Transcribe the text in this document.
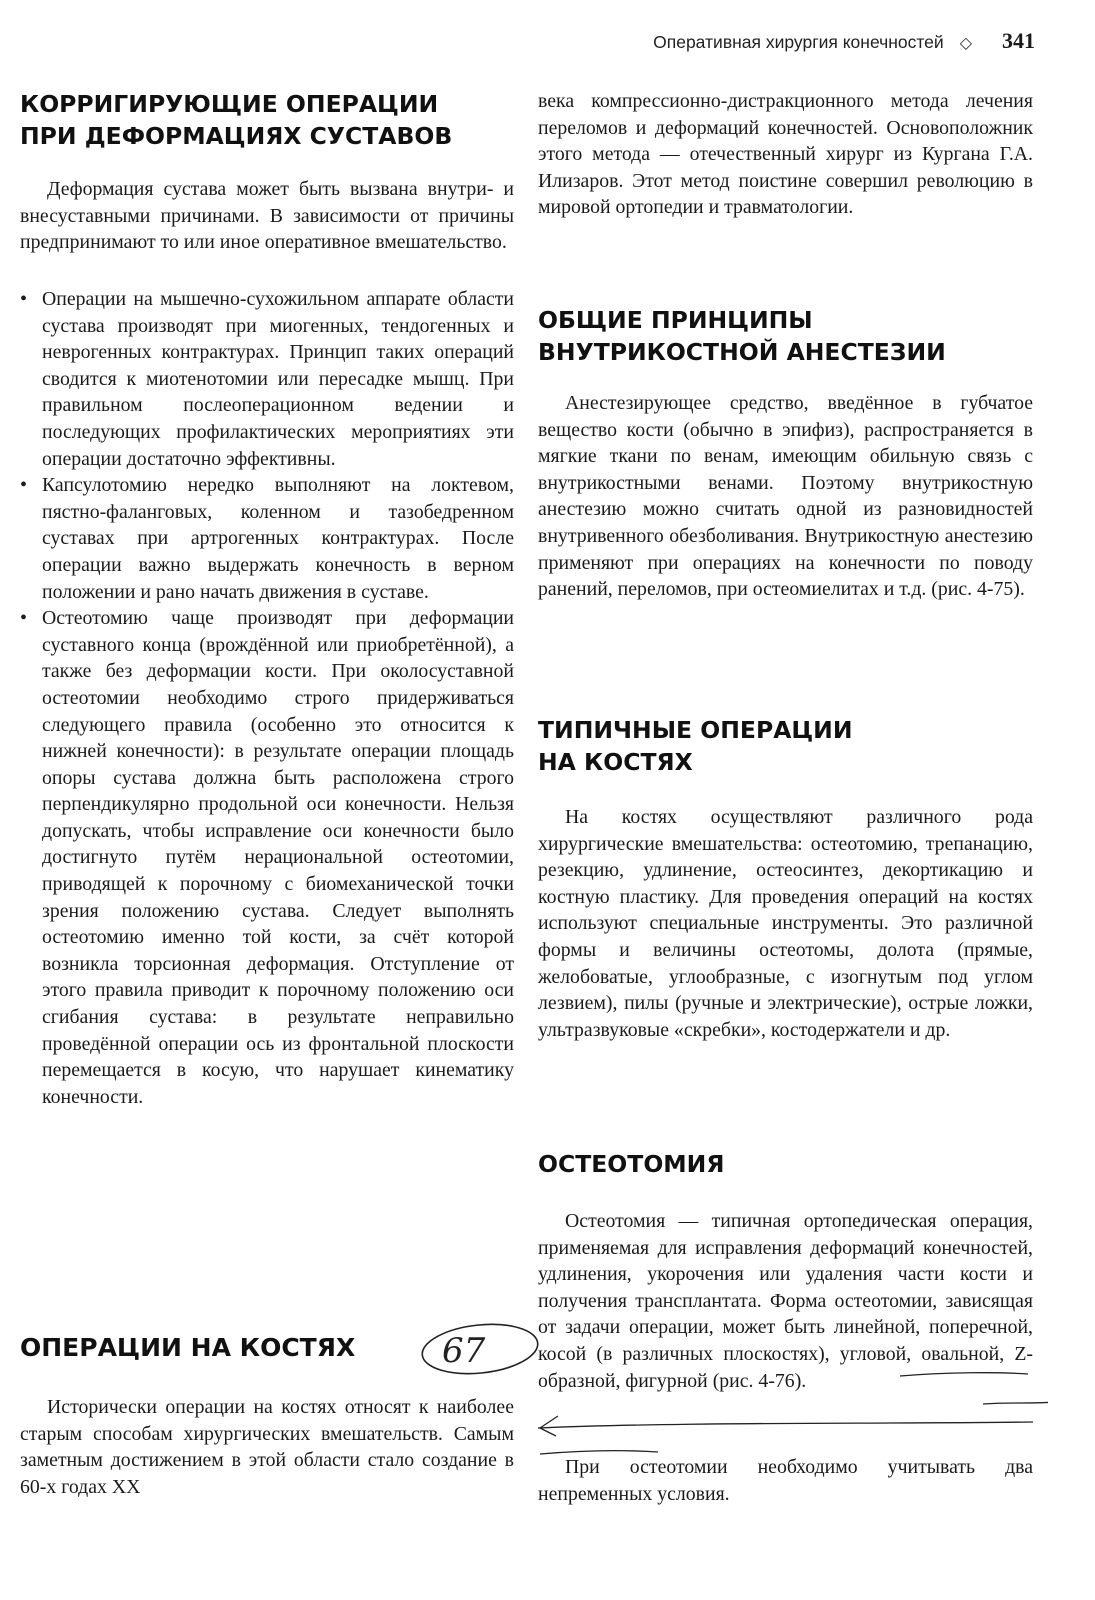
Оперативная хирургия конечностей ◇ 341
КОРРИГИРУЮЩИЕ ОПЕРАЦИИ
ПРИ ДЕФОРМАЦИЯХ СУСТАВОВ

Деформация сустава может быть вызвана внутри- и внесуставными причинами. В зависимости от причины предпринимают то или иное оперативное вмешательство.

• Операции на мышечно-сухожильном аппарате области сустава производят при миогенных, тендогенных и неврогенных контрактурах. Принцип таких операций сводится к миотенотомии или пересадке мышц. При правильном послеоперационном ведении и последующих профилактических мероприятиях эти операции достаточно эффективны.
• Капсулотомию нередко выполняют на локтевом, пястно-фаланговых, коленном и тазобедренном суставах при артрогенных контрактурах. После операции важно выдержать конечность в верном положении и рано начать движения в суставе.
• Остеотомию чаще производят при деформации суставного конца (врождённой или приобретённой), а также без деформации кости. При околосуставной остеотомии необходимо строго придерживаться следующего правила (особенно это относится к нижней конечности): в результате операции площадь опоры сустава должна быть расположена строго перпендикулярно продольной оси конечности. Нельзя допускать, чтобы исправление оси конечности было достигнуто путём нерациональной остеотомии, приводящей к порочному с биомеханической точки зрения положению сустава. Следует выполнять остеотомию именно той кости, за счёт которой возникла торсионная деформация. Отступление от этого правила приводит к порочному положению оси сгибания сустава: в результате неправильно проведённой операции ось из фронтальной плоскости перемещается в косую, что нарушает кинематику конечности.
ОПЕРАЦИИ НА КОСТЯХ	67

Исторически операции на костях относят к наиболее старым способам хирургических вмешательств. Самым заметным достижением в этой области стало создание в 60-х годах XX

века компрессионно-дистракционного метода лечения переломов и деформаций конечностей. Основоположник этого метода — отечественный хирург из Кургана Г.А. Илизаров. Этот метод поистине совершил революцию в мировой ортопедии и травматологии.

ОБЩИЕ ПРИНЦИПЫ
ВНУТРИКОСТНОЙ АНЕСТЕЗИИ

Анестезирующее средство, введённое в губчатое вещество кости (обычно в эпифиз), распространяется в мягкие ткани по венам, имеющим обильную связь с внутрикостными венами. Поэтому внутрикостную анестезию можно считать одной из разновидностей внутривенного обезболивания. Внутрикостную анестезию применяют при операциях на конечности по поводу ранений, переломов, при остеомиелитах и т.д. (рис. 4-75).

ТИПИЧНЫЕ ОПЕРАЦИИ
НА КОСТЯХ

На костях осуществляют различного рода хирургические вмешательства: остеотомию, трепанацию, резекцию, удлинение, остеосинтез, декортикацию и костную пластику. Для проведения операций на костях используют специальные инструменты. Это различной формы и величины остеотомы, долота (прямые, желобоватые, углообразные, с изогнутым под углом лезвием), пилы (ручные и электрические), острые ложки, ультразвуковые «скребки», костодержатели и др.

ОСТЕОТОМИЯ

Остеотомия — типичная ортопедическая операция, применяемая для исправления деформаций конечностей, удлинения, укорочения или удаления части кости и получения трансплантата. Форма остеотомии, зависящая от задачи операции, может быть линейной, поперечной, косой (в различных плоскостях), угловой, овальной, Z-образной, фигурной (рис. 4-76).

При остеотомии необходимо учитывать два непременных условия.
